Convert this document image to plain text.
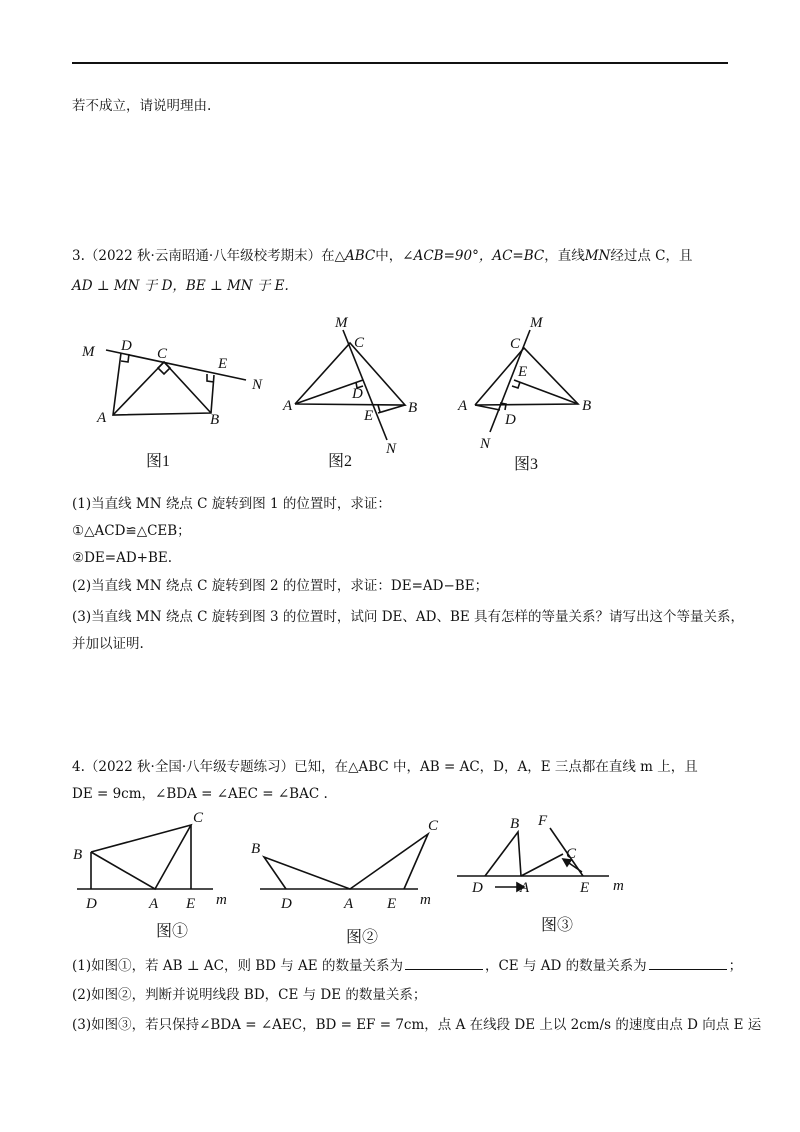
若不成立，请说明理由.
3.（2022 秋·云南昭通·八年级校考期末）在△ABC中，∠ACB=90°，AC=BC，直线MN经过点 C，且
AD ⊥ MN 于 D，BE ⊥ MN 于 E.
M
N
D C
E
A	B
图1
M
C
D
E
A	B
N
图2
M
C
E
D
A	B
N
图3
B
C
D	A E m
图①
B
C
D	A E m
图②
B F
C
D A	E m
图③
(1)当直线 MN 绕点 C 旋转到图 1 的位置时，求证：
①△ACD≌△CEB；
②DE=AD+BE.
(2)当直线 MN 绕点 C 旋转到图 2 的位置时，求证：DE=AD−BE；
(3)当直线 MN 绕点 C 旋转到图 3 的位置时，试问 DE、AD、BE 具有怎样的等量关系？请写出这个等量关系，
并加以证明.
4.（2022 秋·全国·八年级专题练习）已知，在△ABC 中，AB = AC，D，A，E 三点都在直线 m 上，且
DE = 9cm，∠BDA = ∠AEC = ∠BAC .
(1)如图①，若 AB ⊥ AC，则 BD 与 AE 的数量关系为	，CE 与 AD 的数量关系为	；
(2)如图②，判断并说明线段 BD，CE 与 DE 的数量关系；
(3)如图③，若只保持∠BDA = ∠AEC，BD = EF = 7cm，点 A 在线段 DE 上以 2cm/s 的速度由点 D 向点 E 运
